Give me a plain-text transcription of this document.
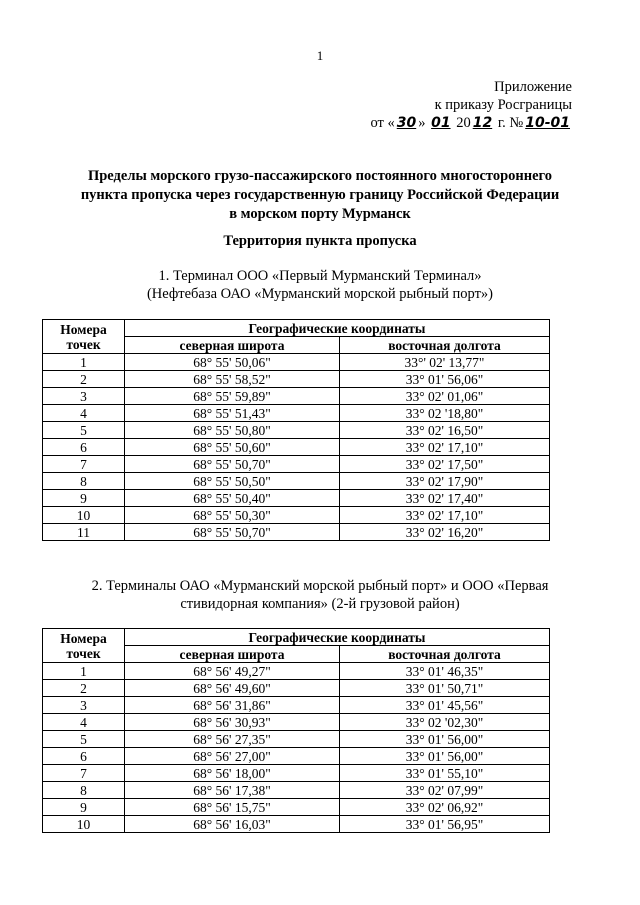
1
Приложение
к приказу Росграницы
от « 30 » 01 20 12 г. № 10-01
Пределы морского грузо-пассажирского постоянного многостороннего
пункта пропуска через государственную границу Российской Федерации
в морском порту Мурманск
Территория пункта пропуска
1. Терминал ООО «Первый Мурманский Терминал»
(Нефтебаза ОАО «Мурманский морской рыбный порт»)
Номера точек	Географические координаты	
	северная широта	восточная долгота
1	68° 55' 50,06"	33°' 02' 13,77"
2	68° 55' 58,52"	33° 01' 56,06"
3	68° 55' 59,89"	33° 02' 01,06"
4	68° 55' 51,43"	33° 02 '18,80"
5	68° 55' 50,80"	33° 02' 16,50"
6	68° 55' 50,60"	33° 02' 17,10"
7	68° 55' 50,70"	33° 02' 17,50"
8	68° 55' 50,50"	33° 02' 17,90"
9	68° 55' 50,40"	33° 02' 17,40"
10	68° 55' 50,30"	33° 02' 17,10"
11	68° 55' 50,70"	33° 02' 16,20"
2. Терминалы ОАО «Мурманский морской рыбный порт» и ООО «Первая
стивидорная компания» (2-й грузовой район)
Номера точек	Географические координаты	
	северная широта	восточная долгота
1	68° 56' 49,27"	33° 01' 46,35"
2	68° 56' 49,60"	33° 01' 50,71"
3	68° 56' 31,86"	33° 01' 45,56"
4	68° 56' 30,93"	33° 02 '02,30"
5	68° 56' 27,35"	33° 01' 56,00"
6	68° 56' 27,00"	33° 01' 56,00"
7	68° 56' 18,00"	33° 01' 55,10"
8	68° 56' 17,38"	33° 02' 07,99"
9	68° 56' 15,75"	33° 02' 06,92"
10	68° 56' 16,03"	33° 01' 56,95"
